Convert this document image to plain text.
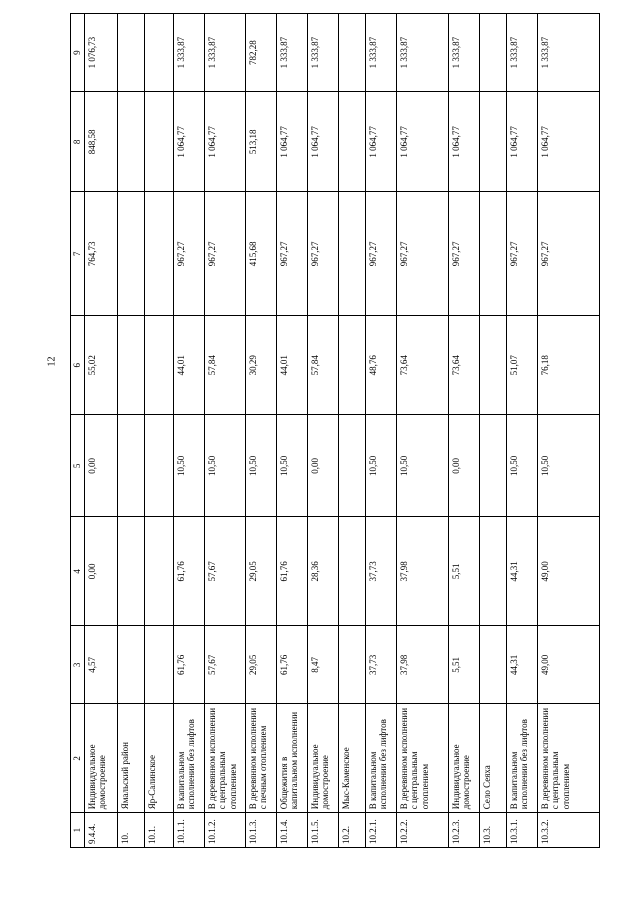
12
1	2	3	4	5	6	7	8	9
9.4.4.	Индивидуальное домостроение	4,57	0,00	0,00	55,02	764,73	848,58	1 076,73
10.	Ямальский район							
10.1.	Яр-Салинское							
10.1.1.	В капитальном исполнении без лифтов	61,76	61,76	10,50	44,01	967,27	1 064,77	1 333,87
10.1.2.	В деревянном исполнении с центральным отоплением	57,67	57,67	10,50	57,84	967,27	1 064,77	1 333,87
10.1.3.	В деревянном исполнении с печным отоплением	29,05	29,05	10,50	30,29	415,68	513,18	782,28
10.1.4.	Общежития в капитальном исполнении	61,76	61,76	10,50	44,01	967,27	1 064,77	1 333,87
10.1.5.	Индивидуальное домостроение	8,47	28,36	0,00	57,84	967,27	1 064,77	1 333,87
10.2.	Мыс-Каменское							
10.2.1.	В капитальном исполнении без лифтов	37,73	37,73	10,50	48,76	967,27	1 064,77	1 333,87
10.2.2.	В деревянном исполнении с центральным отоплением	37,98	37,98	10,50	73,64	967,27	1 064,77	1 333,87
10.2.3.	Индивидуальное домостроение	5,51	5,51	0,00	73,64	967,27	1 064,77	1 333,87
10.3.	Село Сеяха							
10.3.1.	В капитальном исполнении без лифтов	44,31	44,31	10,50	51,07	967,27	1 064,77	1 333,87
10.3.2.	В деревянном исполнении с центральным отоплением	49,00	49,00	10,50	76,18	967,27	1 064,77	1 333,87
